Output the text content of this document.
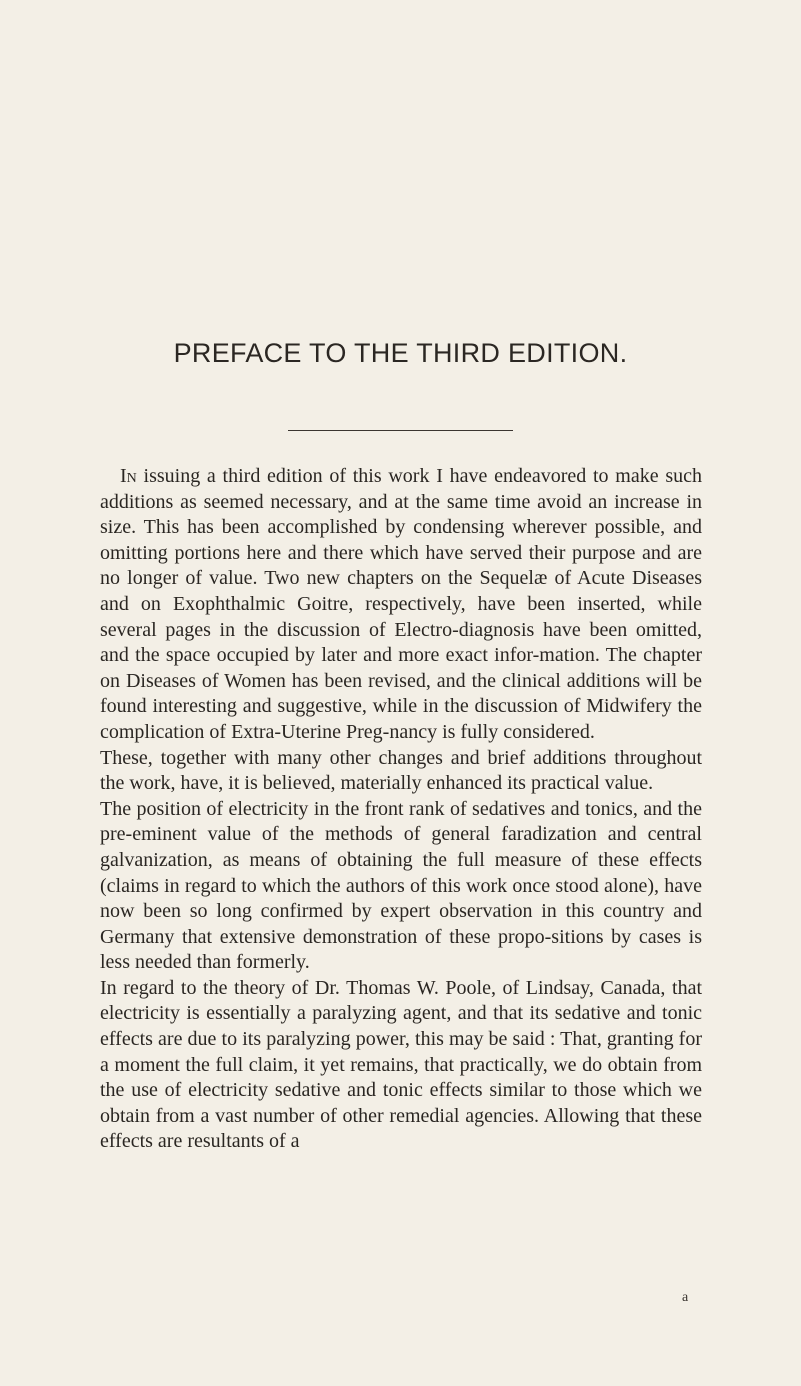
PREFACE TO THE THIRD EDITION.

In issuing a third edition of this work I have endeavored to make such additions as seemed necessary, and at the same time avoid an increase in size. This has been accomplished by condensing wherever possible, and omitting portions here and there which have served their purpose and are no longer of value. Two new chapters on the Sequelæ of Acute Diseases and on Exophthalmic Goitre, respectively, have been inserted, while several pages in the discussion of Electro-diagnosis have been omitted, and the space occupied by later and more exact infor-mation. The chapter on Diseases of Women has been revised, and the clinical additions will be found interesting and suggestive, while in the discussion of Midwifery the complication of Extra-Uterine Preg-nancy is fully considered.

These, together with many other changes and brief additions throughout the work, have, it is believed, materially enhanced its practical value.

The position of electricity in the front rank of sedatives and tonics, and the pre-eminent value of the methods of general faradization and central galvanization, as means of obtaining the full measure of these effects (claims in regard to which the authors of this work once stood alone), have now been so long confirmed by expert observation in this country and Germany that extensive demonstration of these propo-sitions by cases is less needed than formerly.

In regard to the theory of Dr. Thomas W. Poole, of Lindsay, Canada, that electricity is essentially a paralyzing agent, and that its sedative and tonic effects are due to its paralyzing power, this may be said : That, granting for a moment the full claim, it yet remains, that practically, we do obtain from the use of electricity sedative and tonic effects similar to those which we obtain from a vast number of other remedial agencies. Allowing that these effects are resultants of a

a
